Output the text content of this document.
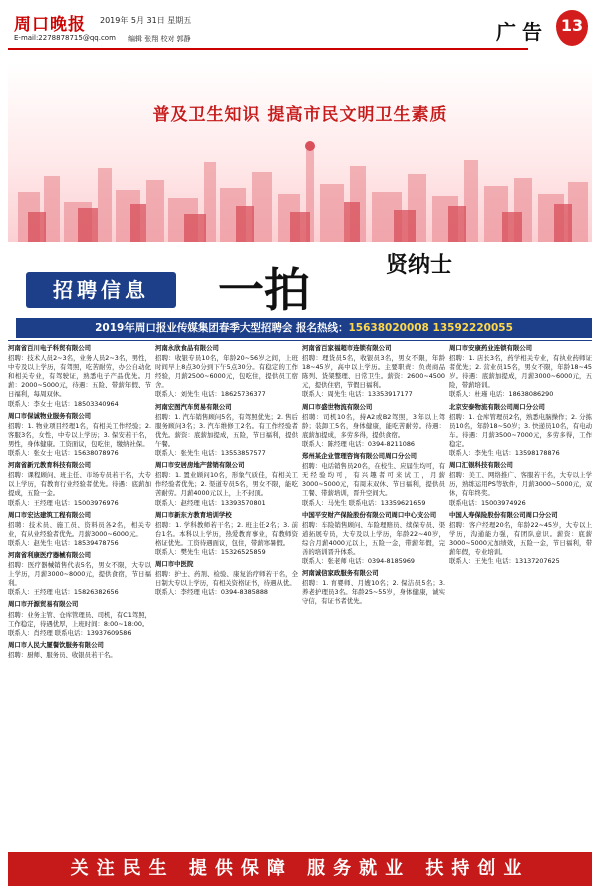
周口晚报 2019年 5月 31日 星期五
E-mail:2278878715@qq.com 编辑 张翔 校对 郭静	广告 13
普及卫生知识 提高市民文明卫生素质
招聘信息	一拍	贤纳士
2019年周口报业传媒集团春季大型招聘会 报名热线：15638020008 13592220055
河南省百川电子科贸有限公司
招聘：技术人员2~3名，业务人员2~3名，男性，中专及以上学历，有驾照，吃苦耐劳，办公自动化和相关专业，有驾驶证，熟悉电子产品优先。月薪：2000~5000元，待遇：五险、带薪年假、节日福利，每周双休。
联系人：李女士 电话：18503340964
周口市保诚物业服务有限公司
招聘：1. 物业项目经理1名，有相关工作经验；2. 客服3名，女性，中专以上学历；3. 保安若干名，男性，身体健康。工资面议，包吃住，缴纳社保。
联系人：张女士 电话：15638078976
河南省新元教育科技有限公司
招聘：课程顾问、班主任、市场专员若干名，大专以上学历，有教育行业经验者优先。待遇：底薪加提成，五险一金。
联系人：王经理 电话：15003976976
周口市宏达建筑工程有限公司
招聘：技术员、施工员、资料员各2名，相关专业，有从业经验者优先。月薪3000~6000元。
联系人：赵先生 电话：18539478756
河南省利康医疗器械有限公司
招聘：医疗器械销售代表5名，男女不限，大专以上学历，月薪3000~8000元，提供食宿，节日福利。
联系人：王经理 电话：15826382656
周口市开源贸易有限公司
招聘：业务主管、仓库管理员、司机，有C1驾照，工作稳定，待遇优厚，上班时间：8:00~18:00。
联系人：肖经理 联系电话：13937609586
周口市人民大厦餐饮服务有限公司
招聘：厨师、服务员、收银员若干名。
河南永欣食品有限公司
招聘：收银专员10名，年龄20~56岁之间，上班时间早上8点30分到下午5点30分。有稳定的工作经验，月薪2500~6000元，包吃住，提供员工宿舍。
联系人：刘先生 电话：18625736377
河南宏图汽车贸易有限公司
招聘：1. 汽车销售顾问5名，有驾照优先；2. 售后服务顾问3名；3. 汽车维修工2名。有工作经验者优先。薪资：底薪加提成，五险，节日福利，提供午餐。
联系人：张先生 电话：13553857577
周口市安居房地产营销有限公司
招聘：1. 置业顾问10名，形象气质佳，有相关工作经验者优先；2. 渠道专员5名，男女不限，能吃苦耐劳。月薪4000元以上，上不封顶。
联系人：赵经理 电话：13393570801
周口市新东方教育培训学校
招聘：1. 学科教师若干名；2. 班主任2名；3. 前台1名。本科以上学历，热爱教育事业，有教师资格证优先。工资待遇面议，包住，带薪寒暑假。
联系人：樊先生 电话：15326525859
周口市中医院
招聘：护士、药剂、检验、康复治疗师若干名，全日制大专以上学历，有相关资格证书，待遇从优。
联系人：李经理 电话：0394-8385888
河南省百家福超市连锁有限公司
招聘：理货员5名，收银员3名，男女不限，年龄18~45岁，高中以上学历。主要职责：负责商品陈列、货架整理、日常卫生。薪资：2600~4500元，提供住宿，节假日福利。
联系人：周先生 电话：13353917177
周口市盛世物流有限公司
招聘：司机10名，持A2或B2驾照，3年以上驾龄；装卸工5名，身体健康，能吃苦耐劳。待遇：底薪加提成，多劳多得，提供食宿。
联系人：陈经理 电话：0394-8211086
郑州某企业管理咨询有限公司周口分公司
招聘：电话销售员20名，在校生、应届生均可，有无经验均可，有兴趣者可来试工，月薪3000~5000元，有周末双休、节日福利，提供员工餐、带薪培训，晋升空间大。
联系人：马先生 联系电话：13359621659
中国平安财产保险股份有限公司周口中心支公司
招聘：车险销售顾问、车险理赔员、续保专员、渠道拓展专员，大专及以上学历，年龄22~40岁，综合月薪4000元以上，五险一金，带薪年假，完善的培训晋升体系。
联系人：张老师 电话：0394-8185969
河南诚信家政服务有限公司
招聘：1. 育婴师、月嫂10名；2. 保洁员5名；3. 养老护理员3名。年龄25~55岁，身体健康，诚实守信，有证书者优先。
周口市安康药业连锁有限公司
招聘：1. 店长3名，药学相关专业，有执业药师证者优先；2. 营业员15名，男女不限，年龄18~45岁。待遇：底薪加提成，月薪3000~6000元，五险，带薪培训。
联系人：杜瑾 电话：18638086290
北京安泰物流有限公司周口分公司
招聘：1. 仓库管理员2名，熟悉电脑操作；2. 分拣员10名，年龄18~50岁；3. 快递员10名，有电动车。待遇：月薪3500~7000元，多劳多得，工作稳定。
联系人：李先生 电话：13598178876
周口汇银科技有限公司
招聘：美工、网络推广、客服若干名，大专以上学历，熟练运用PS等软件，月薪3000~5000元，双休，有年终奖。
联系电话：15003974926
中国人寿保险股份有限公司周口分公司
招聘：客户经理20名，年龄22~45岁，大专以上学历，沟通能力强，有团队意识。薪资：底薪3000~5000元加绩效，五险一金，节日福利，带薪年假，专业培训。
联系人：王先生 电话：13137207625
关注民生 提供保障 服务就业 扶持创业
